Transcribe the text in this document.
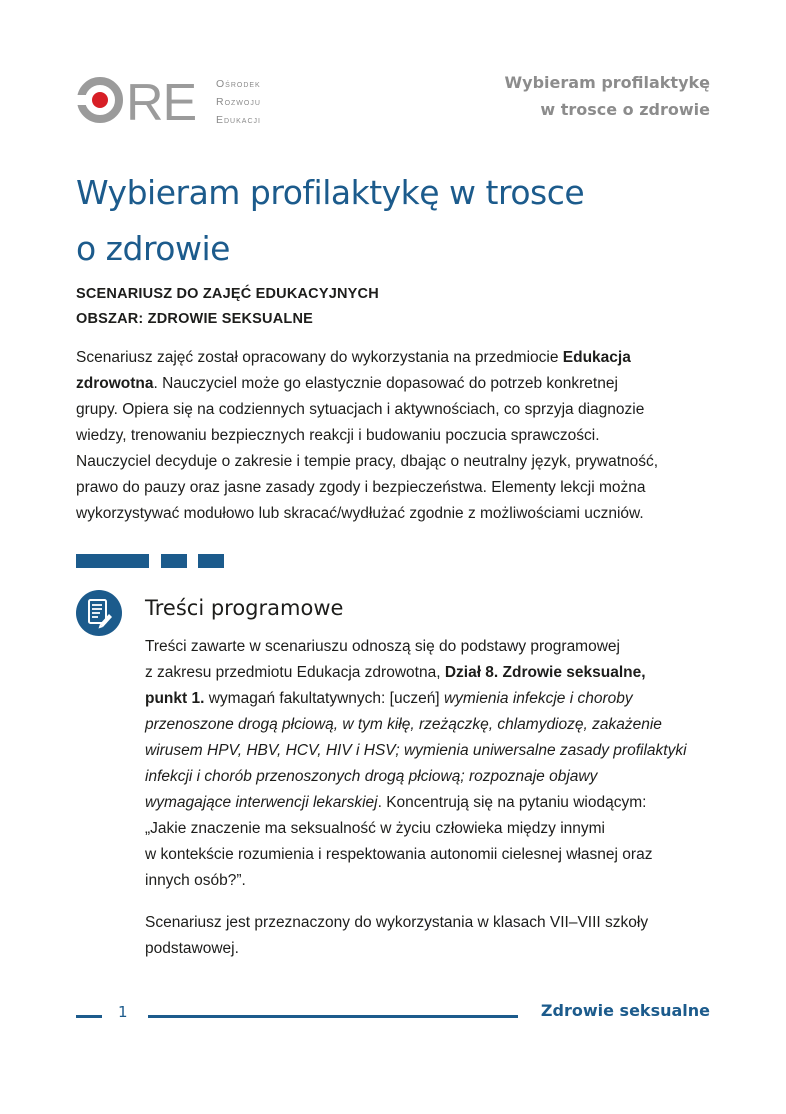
RE Ośrodek
Rozwoju
Edukacji
Wybieram profilaktykę
w trosce o zdrowie
Wybieram profilaktykę w trosce
o zdrowie
SCENARIUSZ DO ZAJĘĆ EDUKACYJNYCH
OBSZAR: ZDROWIE SEKSUALNE

Scenariusz zajęć został opracowany do wykorzystania na przedmiocie Edukacja
zdrowotna. Nauczyciel może go elastycznie dopasować do potrzeb konkretnej
grupy. Opiera się na codziennych sytuacjach i aktywnościach, co sprzyja diagnozie
wiedzy, trenowaniu bezpiecznych reakcji i budowaniu poczucia sprawczości.
Nauczyciel decyduje o zakresie i tempie pracy, dbając o neutralny język, prywatność,
prawo do pauzy oraz jasne zasady zgody i bezpieczeństwa. Elementy lekcji można
wykorzystywać modułowo lub skracać/wydłużać zgodnie z możliwościami uczniów.

Treści programowe

Treści zawarte w scenariuszu odnoszą się do podstawy programowej
z zakresu przedmiotu Edukacja zdrowotna, Dział 8. Zdrowie seksualne,
punkt 1. wymagań fakultatywnych: [uczeń] wymienia infekcje i choroby
przenoszone drogą płciową, w tym kiłę, rzeżączkę, chlamydiozę, zakażenie
wirusem HPV, HBV, HCV, HIV i HSV; wymienia uniwersalne zasady profilaktyki
infekcji i chorób przenoszonych drogą płciową; rozpoznaje objawy
wymagające interwencji lekarskiej. Koncentrują się na pytaniu wiodącym:
„Jakie znaczenie ma seksualność w życiu człowieka między innymi
w kontekście rozumienia i respektowania autonomii cielesnej własnej oraz
innych osób?”.

Scenariusz jest przeznaczony do wykorzystania w klasach VII–VIII szkoły
podstawowej.

1	Zdrowie seksualne
